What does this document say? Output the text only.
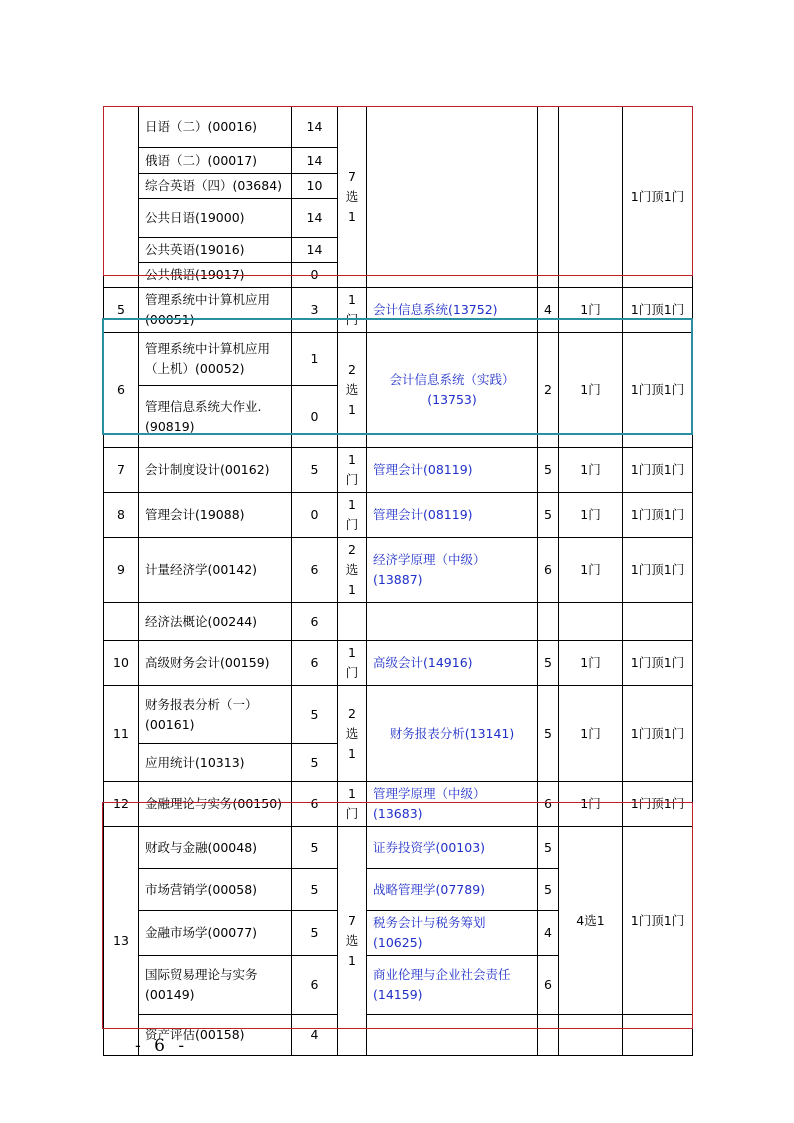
	日语（二）(00016)	14	7选1				1门顶1门
	俄语（二）(00017)	14					
	综合英语（四）(03684)	10					
	公共日语(19000)	14					
	公共英语(19016)	14					
	公共俄语(19017)	0					
5	管理系统中计算机应用(00051)	3	1门	会计信息系统(13752)	4	1门	1门顶1门
6	管理系统中计算机应用（上机）(00052)	1	2选1	会计信息系统（实践）(13753)	2	1门	1门顶1门
	管理信息系统大作业.(90819)	0					
7	会计制度设计(00162)	5	1门	管理会计(08119)	5	1门	1门顶1门
8	管理会计(19088)	0	1门	管理会计(08119)	5	1门	1门顶1门
9	计量经济学(00142)	6	2选1	经济学原理（中级）(13887)	6	1门	1门顶1门
	经济法概论(00244)	6					
10	高级财务会计(00159)	6	1门	高级会计(14916)	5	1门	1门顶1门
11	财务报表分析（一）(00161)	5	2选1	财务报表分析(13141)	5	1门	1门顶1门
	应用统计(10313)	5					
12	金融理论与实务(00150)	6	1门	管理学原理（中级）(13683)	6	1门	1门顶1门
13	财政与金融(00048)	5	7选1	证券投资学(00103)	5	4选1	1门顶1门
	市场营销学(00058)	5		战略管理学(07789)	5		
	金融市场学(00077)	5		税务会计与税务筹划(10625)	4		
	国际贸易理论与实务(00149)	6		商业伦理与企业社会责任(14159)	6		
	资产评估(00158)	4					
- 6 -
